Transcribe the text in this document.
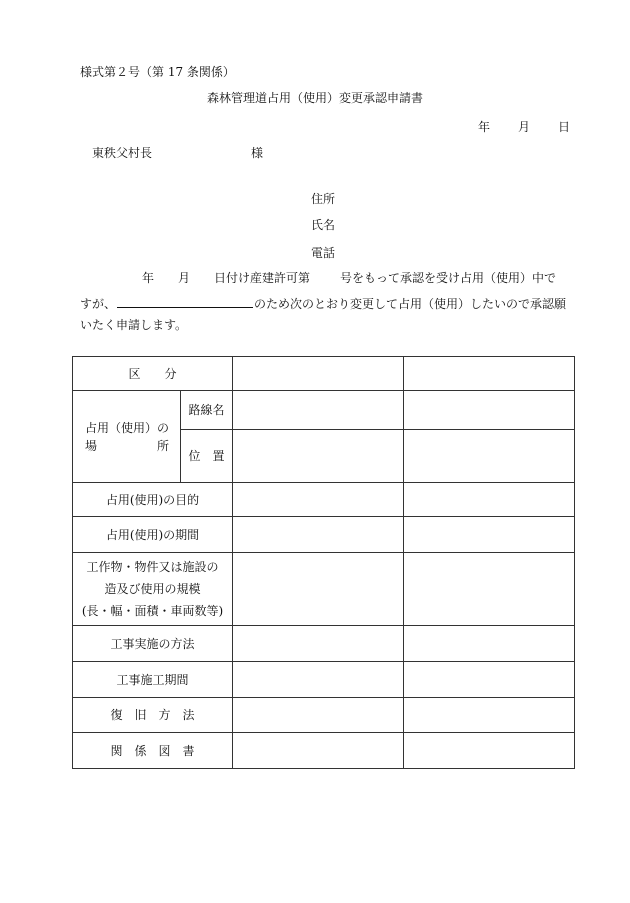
様式第２号（第 17 条関係）
森林管理道占用（使用）変更承認申請書
年 月 日
東秩父村長	様
住所
氏名
電話
年 月 日付け産建許可第	号をもって承認を受け占用（使用）中で
すが、	のため次のとおり変更して占用（使用）したいので承認願
いたく申請します。
区　　分			

占用（使用）の
場 所	路線名		
	位　置		
占用(使用)の目的			
占用(使用)の期間			

工作物・物件又は施設の
造及び使用の規模
(長・幅・面積・車両数等)			

工事実施の方法			
工事施工期間			
復　旧　方　法			
関　係　図　書			
